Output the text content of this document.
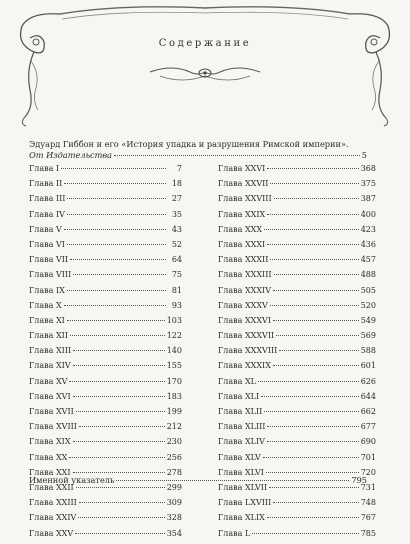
Содержание
Эдуард Гиббон и его «История упадка и разрушения Римской империи».
От Издательства	5
Глава I	7
Глава II	18
Глава III	27
Глава IV	35
Глава V	43
Глава VI	52
Глава VII	64
Глава VIII	75
Глава IX	81
Глава X	93
Глава XI	103
Глава XII	122
Глава XIII	140
Глава XIV	155
Глава XV	170
Глава XVI	183
Глава XVII	199
Глава XVIII	212
Глава XIX	230
Глава XX	256
Глава XXI	278
Глава XXII	299
Глава XXIII	309
Глава XXIV	328
Глава XXV	354
Глава XXVI	368
Глава XXVII	375
Глава XXVIII	387
Глава XXIX	400
Глава XXX	423
Глава XXXI	436
Глава XXXII	457
Глава XXXIII	488
Глава XXXIV	505
Глава XXXV	520
Глава XXXVI	549
Глава XXXVII	569
Глава XXXVIII	588
Глава XXXIX	601
Глава XL	626
Глава XLI	644
Глава XLII	662
Глава XLIII	677
Глава XLIV	690
Глава XLV	701
Глава XLVI	720
Глава XLVII	731
Глава LXVIII	748
Глава XLIX	767
Глава L	785
Именной указатель	795
